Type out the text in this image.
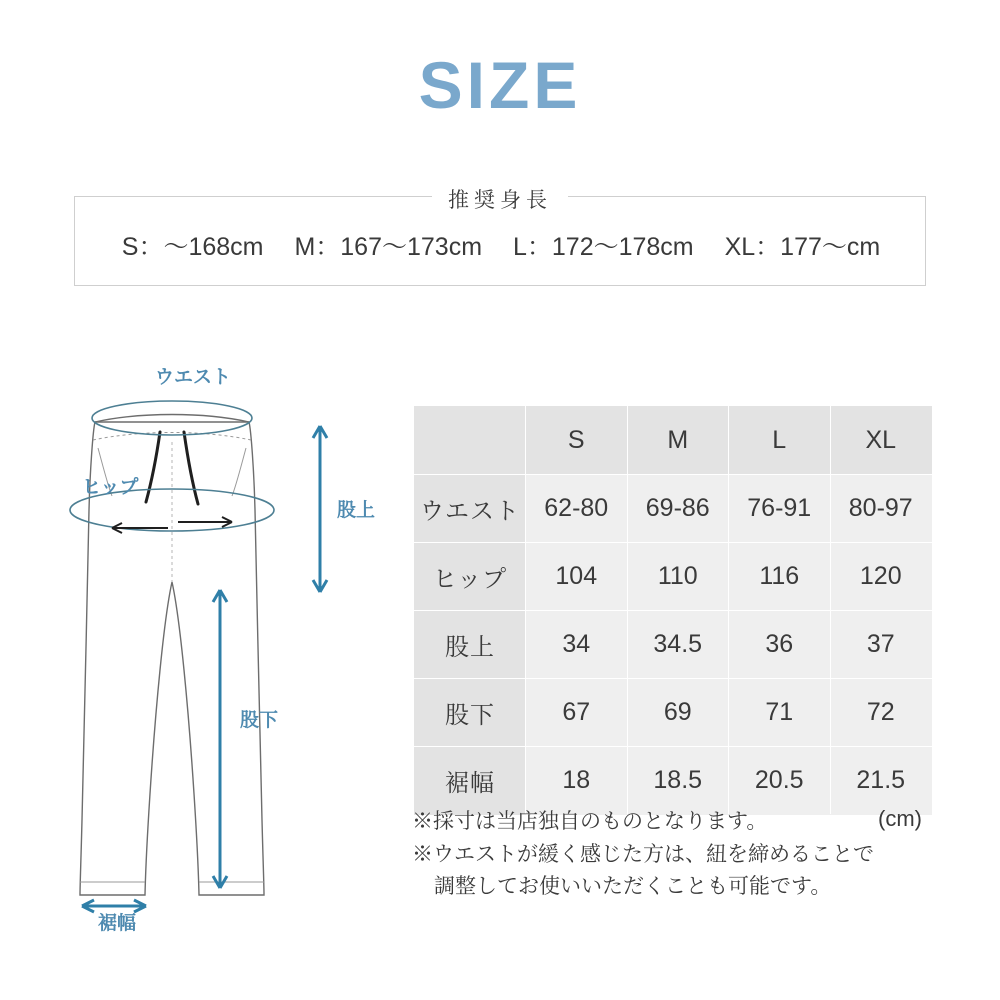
SIZE
推奨身長
S：～168cm M：167～173cm L：172～178cm XL：177～cm
ウエスト
ヒップ
股上
股下
裾幅
	S	M	L	XL
ウエスト	62-80	69-86	76-91	80-97
ヒップ	104	110	116	120
股上	34	34.5	36	37
股下	67	69	71	72
裾幅	18	18.5	20.5	21.5
(cm)
※採寸は当店独自のものとなります。
※ウエストが緩く感じた方は、紐を締めることで
調整してお使いいただくことも可能です。
